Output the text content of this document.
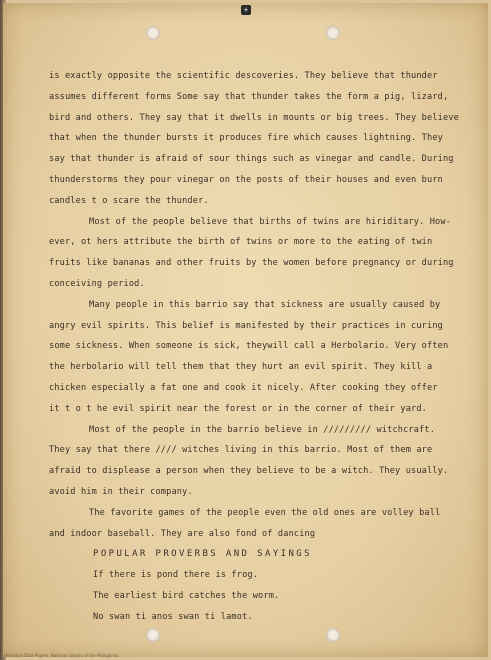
+

is exactly opposite the scientific descoveries. They believe that thunder

assumes different forms Some say that thunder takes the form a pig, lizard,

bird and others. They say that it dwells in mounts or big trees. They believe

that when the thunder bursts it produces fire which causes lightning. They

say that thunder is afraid of sour things such as vinegar and candle. During

thunderstorms they pour vinegar on the posts of their houses and even burn

candles t o scare the thunder.

Most of the people believe that births of twins are hiriditary. How-

ever, ot hers attribute the birth of twins or more to the eating of twin

fruits like bananas and other fruits by the women before pregnancy or during

conceiving period.

Many people in this barrio say that sickness are usually caused by

angry evil spirits. This belief is manifested by their practices in curing

some sickness. When someone is sick, theywill call a Herbolario. Very often

the herbolario will tell them that they hurt an evil spirit. They kill a

chicken especially a fat one and cook it nicely. After cooking they offer

it t o t he evil spirit near the forest or in the corner of their yard.

Most of the people in the barrio believe in ///////// witchcraft.

They say that there //// witches living in this barrio. Most of them are

afraid to displease a person when they believe to be a witch. They usually.

avoid him in their company.

The favorite games of the people even the old ones are volley ball

and indoor baseball. They are also fond of dancing

POPULAR PROVERBS AND SAYINGS

If there is pond there is frog.

The earliest bird catches the worm.

No swan ti anos swan ti lamot.

Historical Data Papers, National Library of the Philippines
